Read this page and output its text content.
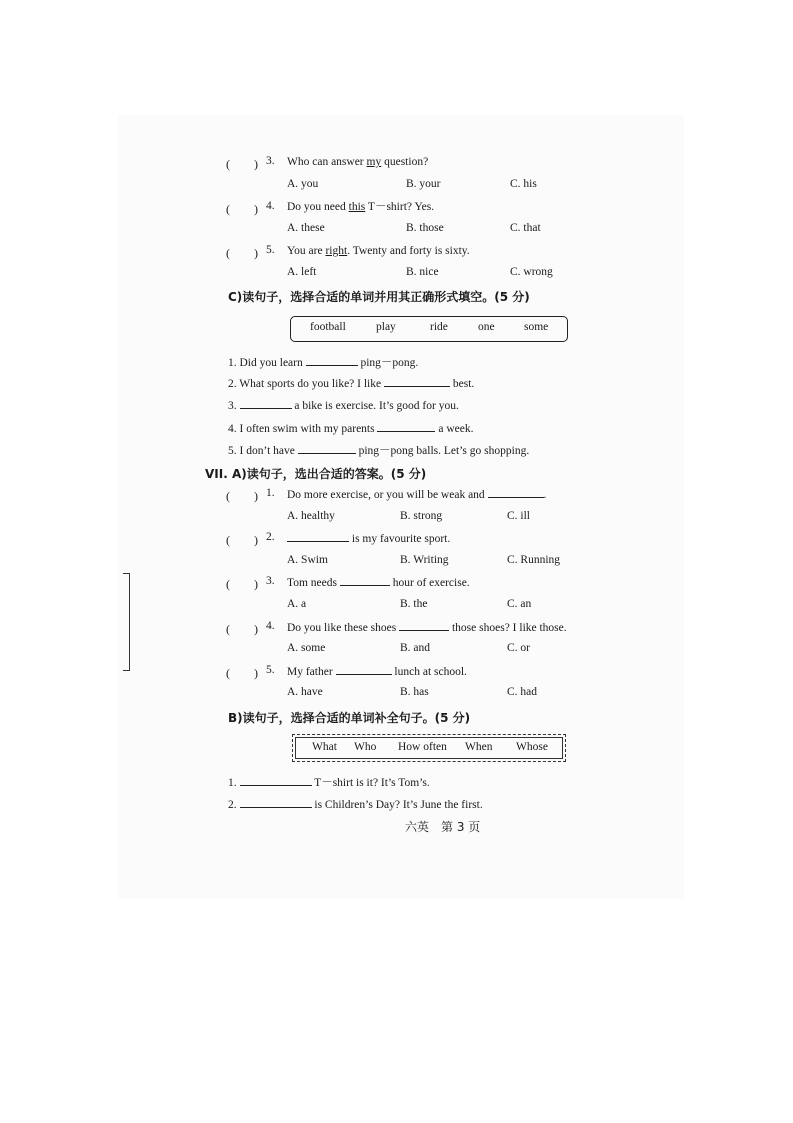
(　　) 3. Who can answer my question?
A. you	B. your	C. his
(　　) 4. Do you need this T－shirt? Yes.
A. these	B. those	C. that
(　　) 5. You are right. Twenty and forty is sixty.
A. left	B. nice	C. wrong
C)读句子，选择合适的单词并用其正确形式填空。(5 分)
football	play	ride	one	some
1. Did you learn	ping－pong.
2. What sports do you like? I like	best.
3.	a bike is exercise. It’s good for you.
4. I often swim with my parents	a week.
5. I don’t have	ping－pong balls. Let’s go shopping.
VII. A)读句子，选出合适的答案。(5 分)
(　　) 1. Do more exercise, or you will be weak and	.
A. healthy	B. strong	C. ill
(　　) 2.	is my favourite sport.
A. Swim	B. Writing	C. Running
(　　) 3. Tom needs	hour of exercise.
A. a	B. the	C. an
(　　) 4. Do you like these shoes	those shoes? I like those.
A. some	B. and	C. or
(　　) 5. My father	lunch at school.
A. have	B. has	C. had
B)读句子，选择合适的单词补全句子。(5 分)
What Who How often When Whose
1.	T－shirt is it? It’s Tom’s.
2.	is Children’s Day? It’s June the first.
六英　第 3 页
